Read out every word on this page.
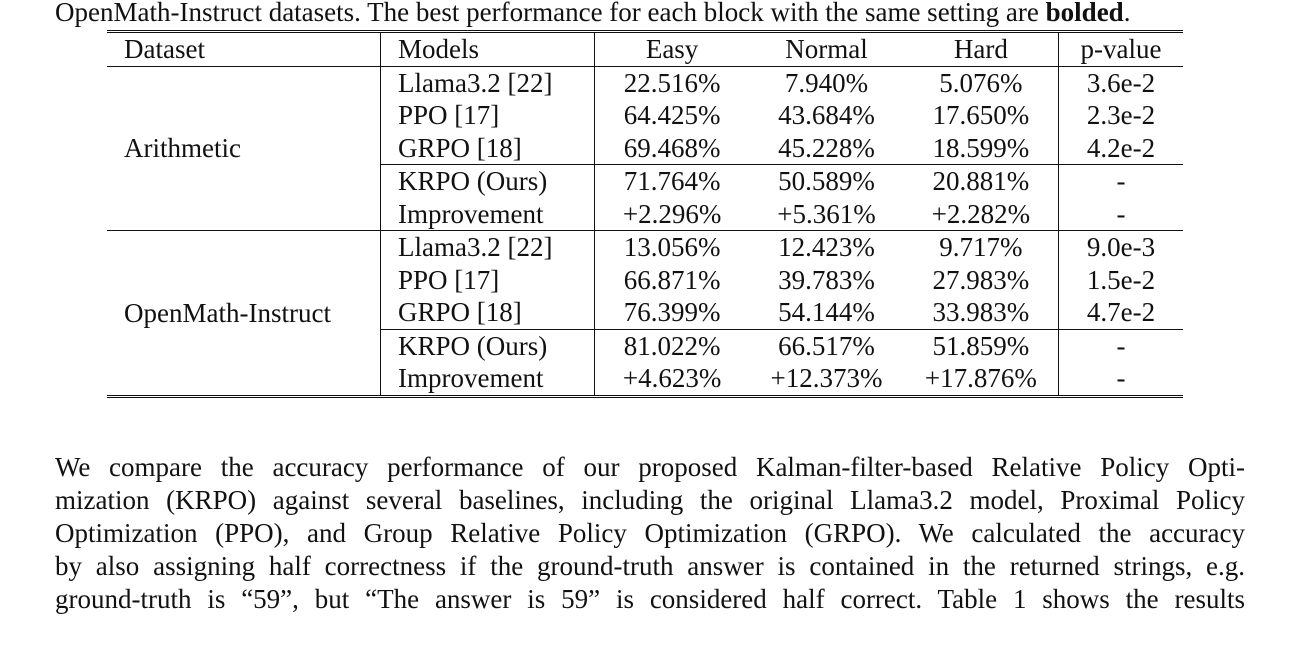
OpenMath-Instruct datasets. The best performance for each block with the same setting are bolded.
Dataset	Models	Easy	Normal	Hard	p-value
Arithmetic	Llama3.2 [22]	22.516%	7.940%	5.076%	3.6e-2
	PPO [17]	64.425%	43.684%	17.650%	2.3e-2
	GRPO [18]	69.468%	45.228%	18.599%	4.2e-2
	KRPO (Ours)	71.764%	50.589%	20.881%	-
	Improvement	+2.296%	+5.361%	+2.282%	-
OpenMath-Instruct	Llama3.2 [22]	13.056%	12.423%	9.717%	9.0e-3
	PPO [17]	66.871%	39.783%	27.983%	1.5e-2
	GRPO [18]	76.399%	54.144%	33.983%	4.7e-2
	KRPO (Ours)	81.022%	66.517%	51.859%	-
	Improvement	+4.623%	+12.373%	+17.876%	-
We compare the accuracy performance of our proposed Kalman-filter-based Relative Policy Opti-
mization (KRPO) against several baselines, including the original Llama3.2 model, Proximal Policy
Optimization (PPO), and Group Relative Policy Optimization (GRPO). We calculated the accuracy
by also assigning half correctness if the ground-truth answer is contained in the returned strings, e.g.
ground-truth is “59”, but “The answer is 59” is considered half correct. Table 1 shows the results
